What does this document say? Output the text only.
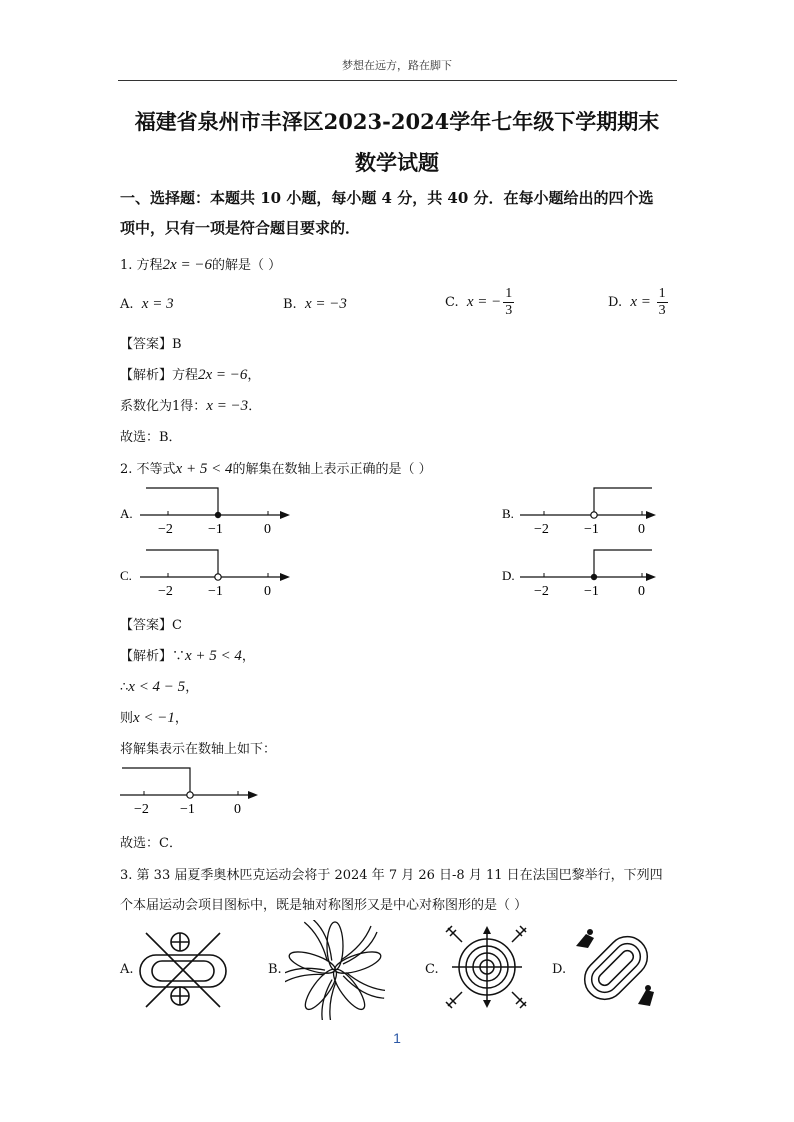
梦想在远方，路在脚下
福建省泉州市丰泽区2023-2024学年七年级下学期期末
数学试题
一、选择题：本题共 10 小题，每小题 4 分，共 40 分．在每小题给出的四个选
项中，只有一项是符合题目要求的．
1. 方程2x = −6的解是（ ）
A. x = 3	B. x = −3	C. x = − $\frac{1}{3}$	D. $x = \frac{1}{3}$
【答案】B
【解析】方程2x = −6，
系数化为1得：x = −3．
故选：B．
2. 不等式x + 5 < 4的解集在数轴上表示正确的是（ ）
A.
−2	−1	0
B.
−2	−1	0
C.
−2	−1	0
D.
−2	−1	0
【答案】C
【解析】∵x + 5 < 4，
∴x < 4 − 5，
则x < −1，
将解集表示在数轴上如下：
−2 −1	0
故选：C．
3. 第 33 届夏季奥林匹克运动会将于 2024 年 7 月 26 日-8 月 11 日在法国巴黎举行，下列四
个本届运动会项目图标中，既是轴对称图形又是中心对称图形的是（ ）
A.	B.	C.	D.
1
